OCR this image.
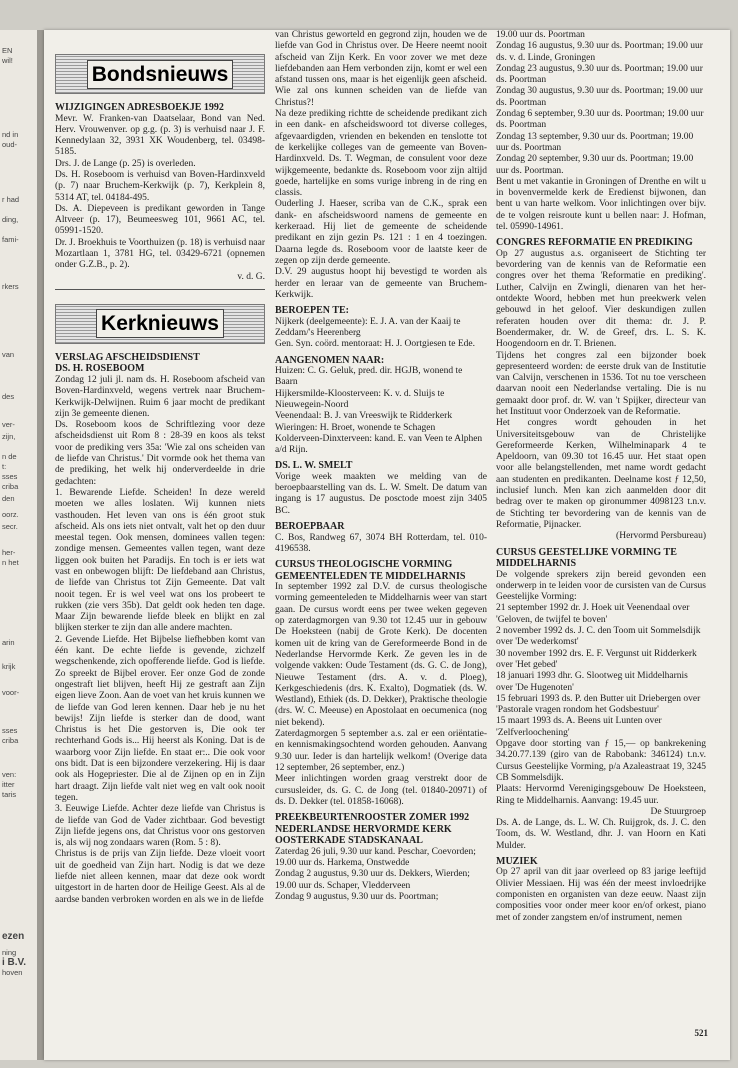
EN
wil!
nd in
oud-
r had
ding,
fami-
rkers
van
des
ver-
zijn,
n de
t:
sses
criba
den
oorz.
secr.
her-
n het
arin
krijk
voor-
sses
criba
ven:
itter
taris
ezen
ning
i B.V.
hoven
521
Bondsnieuws
WIJZIGINGEN ADRESBOEKJE 1992

Mevr. W. Franken-van Daatselaar, Bond van Ned. Herv. Vrouwenver. op g.g. (p. 3) is verhuisd naar J. F. Kennedylaan 32, 3931 XK Woudenberg, tel. 03498-5185.

Drs. J. de Lange (p. 25) is overleden.

Ds. H. Roseboom is verhuisd van Boven-Hardinxveld (p. 7) naar Bruchem-Kerkwijk (p. 7), Kerkplein 8, 5314 AT, tel. 04184-495.

Ds. A. Diepeveen is predikant geworden in Tange Altveer (p. 17), Beumeesweg 101, 9661 AC, tel. 05991-1520.

Dr. J. Broekhuis te Voorthuizen (p. 18) is verhuisd naar Mozartlaan 1, 3781 HG, tel. 03429-6721 (opnemen onder G.Z.B., p. 2).

v. d. G.

Kerknieuws
VERSLAG AFSCHEIDSDIENST
DS. H. ROSEBOOM

Zondag 12 juli jl. nam ds. H. Roseboom afscheid van Boven-Hardinxveld, wegens vertrek naar Bruchem-Kerkwijk-Delwijnen. Ruim 6 jaar mocht de predikant zijn 3e gemeente dienen.

Ds. Roseboom koos de Schriftlezing voor deze afscheidsdienst uit Rom 8 : 28-39 en koos als tekst voor de prediking vers 35a: 'Wie zal ons scheiden van de liefde van Christus.' Dit vormde ook het thema van de prediking, het welk hij onderverdeelde in drie gedachten:

1. Bewarende Liefde. Scheiden! In deze wereld moeten we alles loslaten. Wij kunnen niets vasthouden. Het leven van ons is één groot stuk afscheid. Als ons iets niet ontvalt, valt het op den duur meestal tegen. Ook mensen, dominees vallen tegen: zondige mensen. Gemeentes vallen tegen, want deze liggen ook buiten het Paradijs. En toch is er iets wat vast en onbewogen blijft: De liefdeband aan Christus, de liefde van Christus tot Zijn Gemeente. Dat valt nooit tegen. Er is wel veel wat ons los probeert te rukken (zie vers 35b). Dat geldt ook heden ten dage. Maar Zijn bewarende liefde bleek en blijkt en zal blijken sterker te zijn dan alle andere machten.

2. Gevende Liefde. Het Bijbelse liefhebben komt van één kant. De echte liefde is gevende, zichzelf wegschenkende, zich opofferende liefde. God is liefde. Zo spreekt de Bijbel erover. Eer onze God de zonde ongestraft liet blijven, heeft Hij ze gestraft aan Zijn eigen lieve Zoon. Aan de voet van het kruis kunnen we de liefde van God leren kennen. Daar heb je nu het bewijs! Zijn liefde is sterker dan de dood, want Christus is het Die gestorven is, Die ook ter rechterhand Gods is... Hij heerst als Koning. Dat is de waarborg voor Zijn liefde. En staat er:.. Die ook voor ons bidt. Dat is een bijzondere verzekering. Hij is daar ook als Hogepriester. Die al de Zijnen op en in Zijn hart draagt. Zijn liefde valt niet weg en valt ook nooit tegen.

3. Eeuwige Liefde. Achter deze liefde van Christus is de liefde van God de Vader zichtbaar. God bevestigt Zijn liefde jegens ons, dat Christus voor ons gestorven is, als wij nog zondaars waren (Rom. 5 : 8).

Christus is de prijs van Zijn liefde. Deze vloeit voort uit de goedheid van Zijn hart. Nodig is dat we deze liefde niet alleen kennen, maar dat deze ook wordt uitgestort in de harten door de Heilige Geest. Als al de aardse banden verbroken worden en als we in de liefde

van Christus geworteld en gegrond zijn, houden we de liefde van God in Christus over. De Heere neemt nooit afscheid van Zijn Kerk. En voor zover we met deze liefdebanden aan Hem verbonden zijn, komt er wel een afstand tussen ons, maar is het eigenlijk geen afscheid. Wie zal ons kunnen scheiden van de liefde van Christus?!

Na deze prediking richtte de scheidende predikant zich in een dank- en afscheidswoord tot diverse colleges, afgevaardigden, vrienden en bekenden en tenslotte tot de kerkelijke colleges van de gemeente van Boven-Hardinxveld. Ds. T. Wegman, de consulent voor deze wijkgemeente, bedankte ds. Roseboom voor zijn altijd goede, hartelijke en soms vurige inbreng in de ring en classis.

Ouderling J. Haeser, scriba van de C.K., sprak een dank- en afscheidswoord namens de gemeente en kerkeraad. Hij liet de gemeente de scheidende predikant en zijn gezin Ps. 121 : 1 en 4 toezingen. Daarna legde ds. Roseboom voor de laatste keer de zegen op zijn derde gemeente.

D.V. 29 augustus hoopt hij bevestigd te worden als herder en leraar van de gemeente van Bruchem-Kerkwijk.

BEROEPEN TE:

Nijkerk (deelgemeente): E. J. A. van der Kaaij te Zeddam/'s Heerenberg
Gen. Syn. coörd. mentoraat: H. J. Oortgiesen te Ede.

AANGENOMEN NAAR:

Huizen: C. G. Geluk, pred. dir. HGJB, wonend te Baarn
Hijkersmilde-Kloosterveen: K. v. d. Sluijs te Nieuwegein-Noord
Veenendaal: B. J. van Vreeswijk te Ridderkerk
Wieringen: H. Broet, wonende te Schagen
Kolderveen-Dinxterveen: kand. E. van Veen te Alphen a/d Rijn.

DS. L. W. SMELT

Vorige week maakten we melding van de beroepbaarstelling van ds. L. W. Smelt. De datum van ingang is 17 augustus. De posctode moest zijn 3405 BC.

BEROEPBAAR

C. Bos, Randweg 67, 3074 BH Rotterdam, tel. 010-4196538.

CURSUS THEOLOGISCHE VORMING GEMEENTELEDEN TE MIDDELHARNIS

In september 1992 zal D.V. de cursus theologische vorming gemeenteleden te Middelharnis weer van start gaan. De cursus wordt eens per twee weken gegeven op zaterdagmorgen van 9.30 tot 12.45 uur in gebouw De Hoeksteen (nabij de Grote Kerk). De docenten komen uit de kring van de Gereformeerde Bond in de Nederlandse Hervormde Kerk. Ze geven les in de volgende vakken: Oude Testament (ds. G. C. de Jong), Nieuwe Testament (drs. A. v. d. Ploeg), Kerkgeschiedenis (drs. K. Exalto), Dogmatiek (ds. W. Westland), Ethiek (ds. D. Dekker), Praktische theologie (drs. W. C. Meeuse) en Apostolaat en oecumenica (nog niet bekend).

Zaterdagmorgen 5 september a.s. zal er een oriëntatie- en kennismakingsochtend worden gehouden. Aanvang 9.30 uur. Ieder is dan hartelijk welkom! (Overige data 12 september, 26 september, enz.)

Meer inlichtingen worden graag verstrekt door de cursusleider, ds. G. C. de Jong (tel. 01840-20971) of ds. D. Dekker (tel. 01858-16068).

PREEKBEURTENROOSTER ZOMER 1992 NEDERLANDSE HERVORMDE KERK OOSTERKADE STADSKANAAL

Zaterdag 26 juli, 9.30 uur kand. Peschar, Coevorden; 19.00 uur ds. Harkema, Onstwedde
Zondag 2 augustus, 9.30 uur ds. Dekkers, Wierden; 19.00 uur ds. Schaper, Vledderveen
Zondag 9 augustus, 9.30 uur ds. Poortman;

19.00 uur ds. Poortman
Zondag 16 augustus, 9.30 uur ds. Poortman; 19.00 uur ds. v. d. Linde, Groningen
Zondag 23 augustus, 9.30 uur ds. Poortman; 19.00 uur ds. Poortman
Zondag 30 augustus, 9.30 uur ds. Poortman; 19.00 uur ds. Poortman
Zondag 6 september, 9.30 uur ds. Poortman; 19.00 uur ds. Poortman
Zondag 13 september, 9.30 uur ds. Poortman; 19.00 uur ds. Poortman
Zondag 20 september, 9.30 uur ds. Poortman; 19.00 uur ds. Poortman.

Bent u met vakantie in Groningen of Drenthe en wilt u in bovenvermelde kerk de Eredienst bijwonen, dan bent u van harte welkom. Voor inlichtingen over bijv. de te volgen reisroute kunt u bellen naar: J. Hofman, tel. 05990-14961.

CONGRES REFORMATIE EN PREDIKING

Op 27 augustus a.s. organiseert de Stichting ter bevordering van de kennis van de Reformatie een congres over het thema 'Reformatie en prediking'. Luther, Calvijn en Zwingli, dienaren van het her-ontdekte Woord, hebben met hun preekwerk velen gebouwd in het geloof. Vier deskundigen zullen referaten houden over dit thema: dr. J. P. Boendermaker, dr. W. de Greef, drs. L. S. K. Hoogendoorn en dr. T. Brienen.

Tijdens het congres zal een bijzonder boek gepresenteerd worden: de eerste druk van de Institutie van Calvijn, verschenen in 1536. Tot nu toe verscheen daarvan nooit een Nederlandse vertaling. Die is nu gemaakt door prof. dr. W. van 't Spijker, directeur van het Instituut voor Onderzoek van de Reformatie.

Het congres wordt gehouden in het Universiteitsgebouw van de Christelijke Gereformeerde Kerken, Wilhelminapark 4 te Apeldoorn, van 09.30 tot 16.45 uur. Het staat open voor alle belangstellenden, met name wordt gedacht aan studenten en predikanten. Deelname kost ƒ 12,50, inclusief lunch. Men kan zich aanmelden door dit bedrag over te maken op gironummer 4098123 t.n.v. de Stichting ter bevordering van de kennis van de Reformatie, Pijnacker.

(Hervormd Persbureau)

CURSUS GEESTELIJKE VORMING TE MIDDELHARNIS

De volgende sprekers zijn bereid gevonden een onderwerp in te leiden voor de cursisten van de Cursus Geestelijke Vorming:

21 september 1992 dr. J. Hoek uit Veenendaal over 'Geloven, de twijfel te boven'
2 november 1992 ds. J. C. den Toom uit Sommelsdijk over 'De wederkomst'
30 november 1992 drs. E. F. Vergunst uit Ridderkerk over 'Het gebed'
18 januari 1993 dhr. G. Slootweg uit Middelharnis over 'De Hugenoten'
15 februari 1993 ds. P. den Butter uit Driebergen over 'Pastorale vragen rondom het Godsbestuur'
15 maart 1993 ds. A. Beens uit Lunten over 'Zelfverloochening'

Opgave door storting van ƒ 15,— op bankrekening 34.20.77.139 (giro van de Rabobank: 346124) t.n.v. Cursus Geestelijke Vorming, p/a Azaleastraat 19, 3245 CB Sommelsdijk.

Plaats: Hervormd Verenigingsgebouw De Hoeksteen, Ring te Middelharnis. Aanvang: 19.45 uur.

De Stuurgroep

Ds. A. de Lange, ds. L. W. Ch. Ruijgrok, ds. J. C. den Toom, ds. W. Westland, dhr. J. van Hoorn en Kati Mulder.

MUZIEK

Op 27 april van dit jaar overleed op 83 jarige leeftijd Olivier Messiaen. Hij was één der meest invloedrijke componisten en organisten van deze eeuw. Naast zijn composities voor onder meer koor en/of orkest, piano met of zonder zangstem en/of instrument, nemen
